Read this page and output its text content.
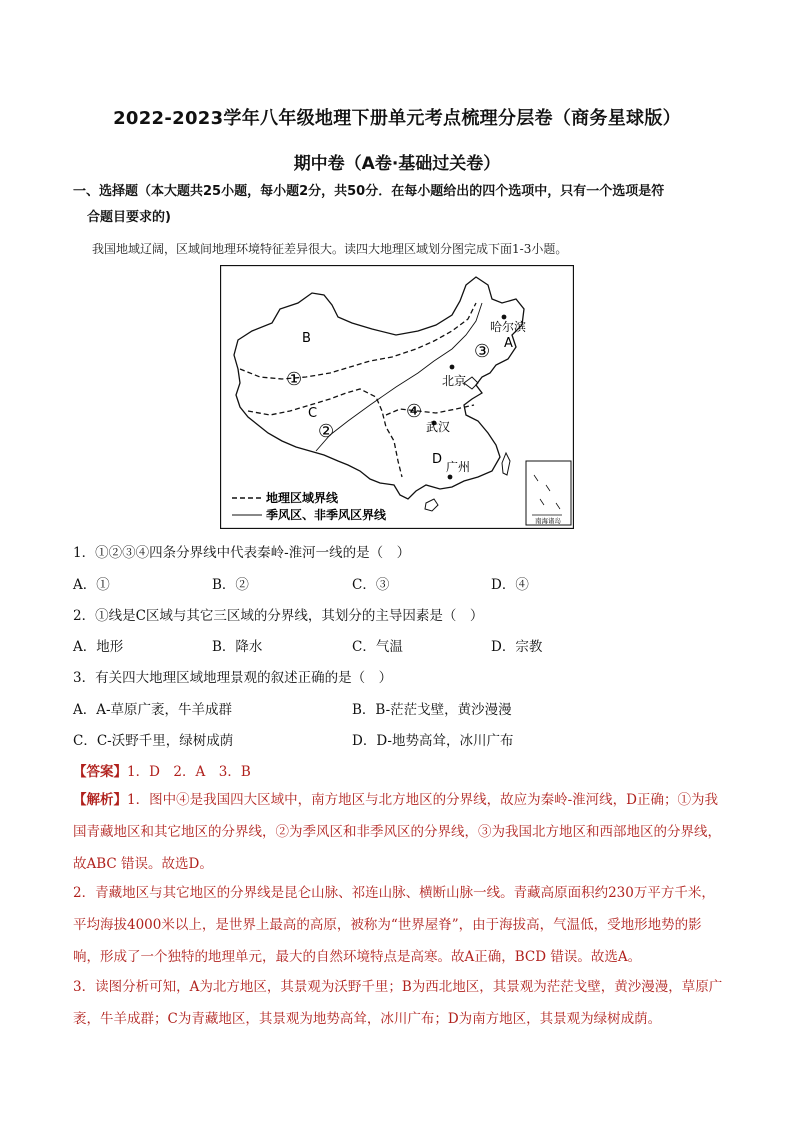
2022-2023学年八年级地理下册单元考点梳理分层卷（商务星球版）
期中卷（A卷·基础过关卷）
一、选择题（本大题共25小题，每小题2分，共50分．在每小题给出的四个选项中，只有一个选项是符
合题目要求的)
我国地域辽阔，区域间地理环境特征差异很大。读四大地理区域划分图完成下面1-3小题。
南海诸岛
B	A
C
D
哈尔滨
北京
武汉
广州
①
②
③
④
地理区域界线
季风区、非季风区界线
1．①②③④四条分界线中代表秦岭-淮河一线的是（　）
A．①	B．②	C．③	D．④
2．①线是C区域与其它三区域的分界线，其划分的主导因素是（　）
A．地形	B．降水	C．气温	D．宗教
3．有关四大地理区域地理景观的叙述正确的是（　）
A．A-草原广袤，牛羊成群	B．B-茫茫戈壁，黄沙漫漫
C．C-沃野千里，绿树成荫	D．D-地势高耸，冰川广布
【答案】1．D　2．A　3．B
【解析】1．图中④是我国四大区域中，南方地区与北方地区的分界线，故应为秦岭-淮河线，D正确；①为我国青藏地区和其它地区的分界线，②为季风区和非季风区的分界线，③为我国北方地区和西部地区的分界线，故ABC 错误。故选D。
2．青藏地区与其它地区的分界线是昆仑山脉、祁连山脉、横断山脉一线。青藏高原面积约230万平方千米，平均海拔4000米以上，是世界上最高的高原，被称为“世界屋脊”，由于海拔高，气温低，受地形地势的影响，形成了一个独特的地理单元，最大的自然环境特点是高寒。故A正确，BCD 错误。故选A。
3．读图分析可知，A为北方地区，其景观为沃野千里；B为西北地区，其景观为茫茫戈壁，黄沙漫漫，草原广袤，牛羊成群；C为青藏地区，其景观为地势高耸，冰川广布；D为南方地区，其景观为绿树成荫。
